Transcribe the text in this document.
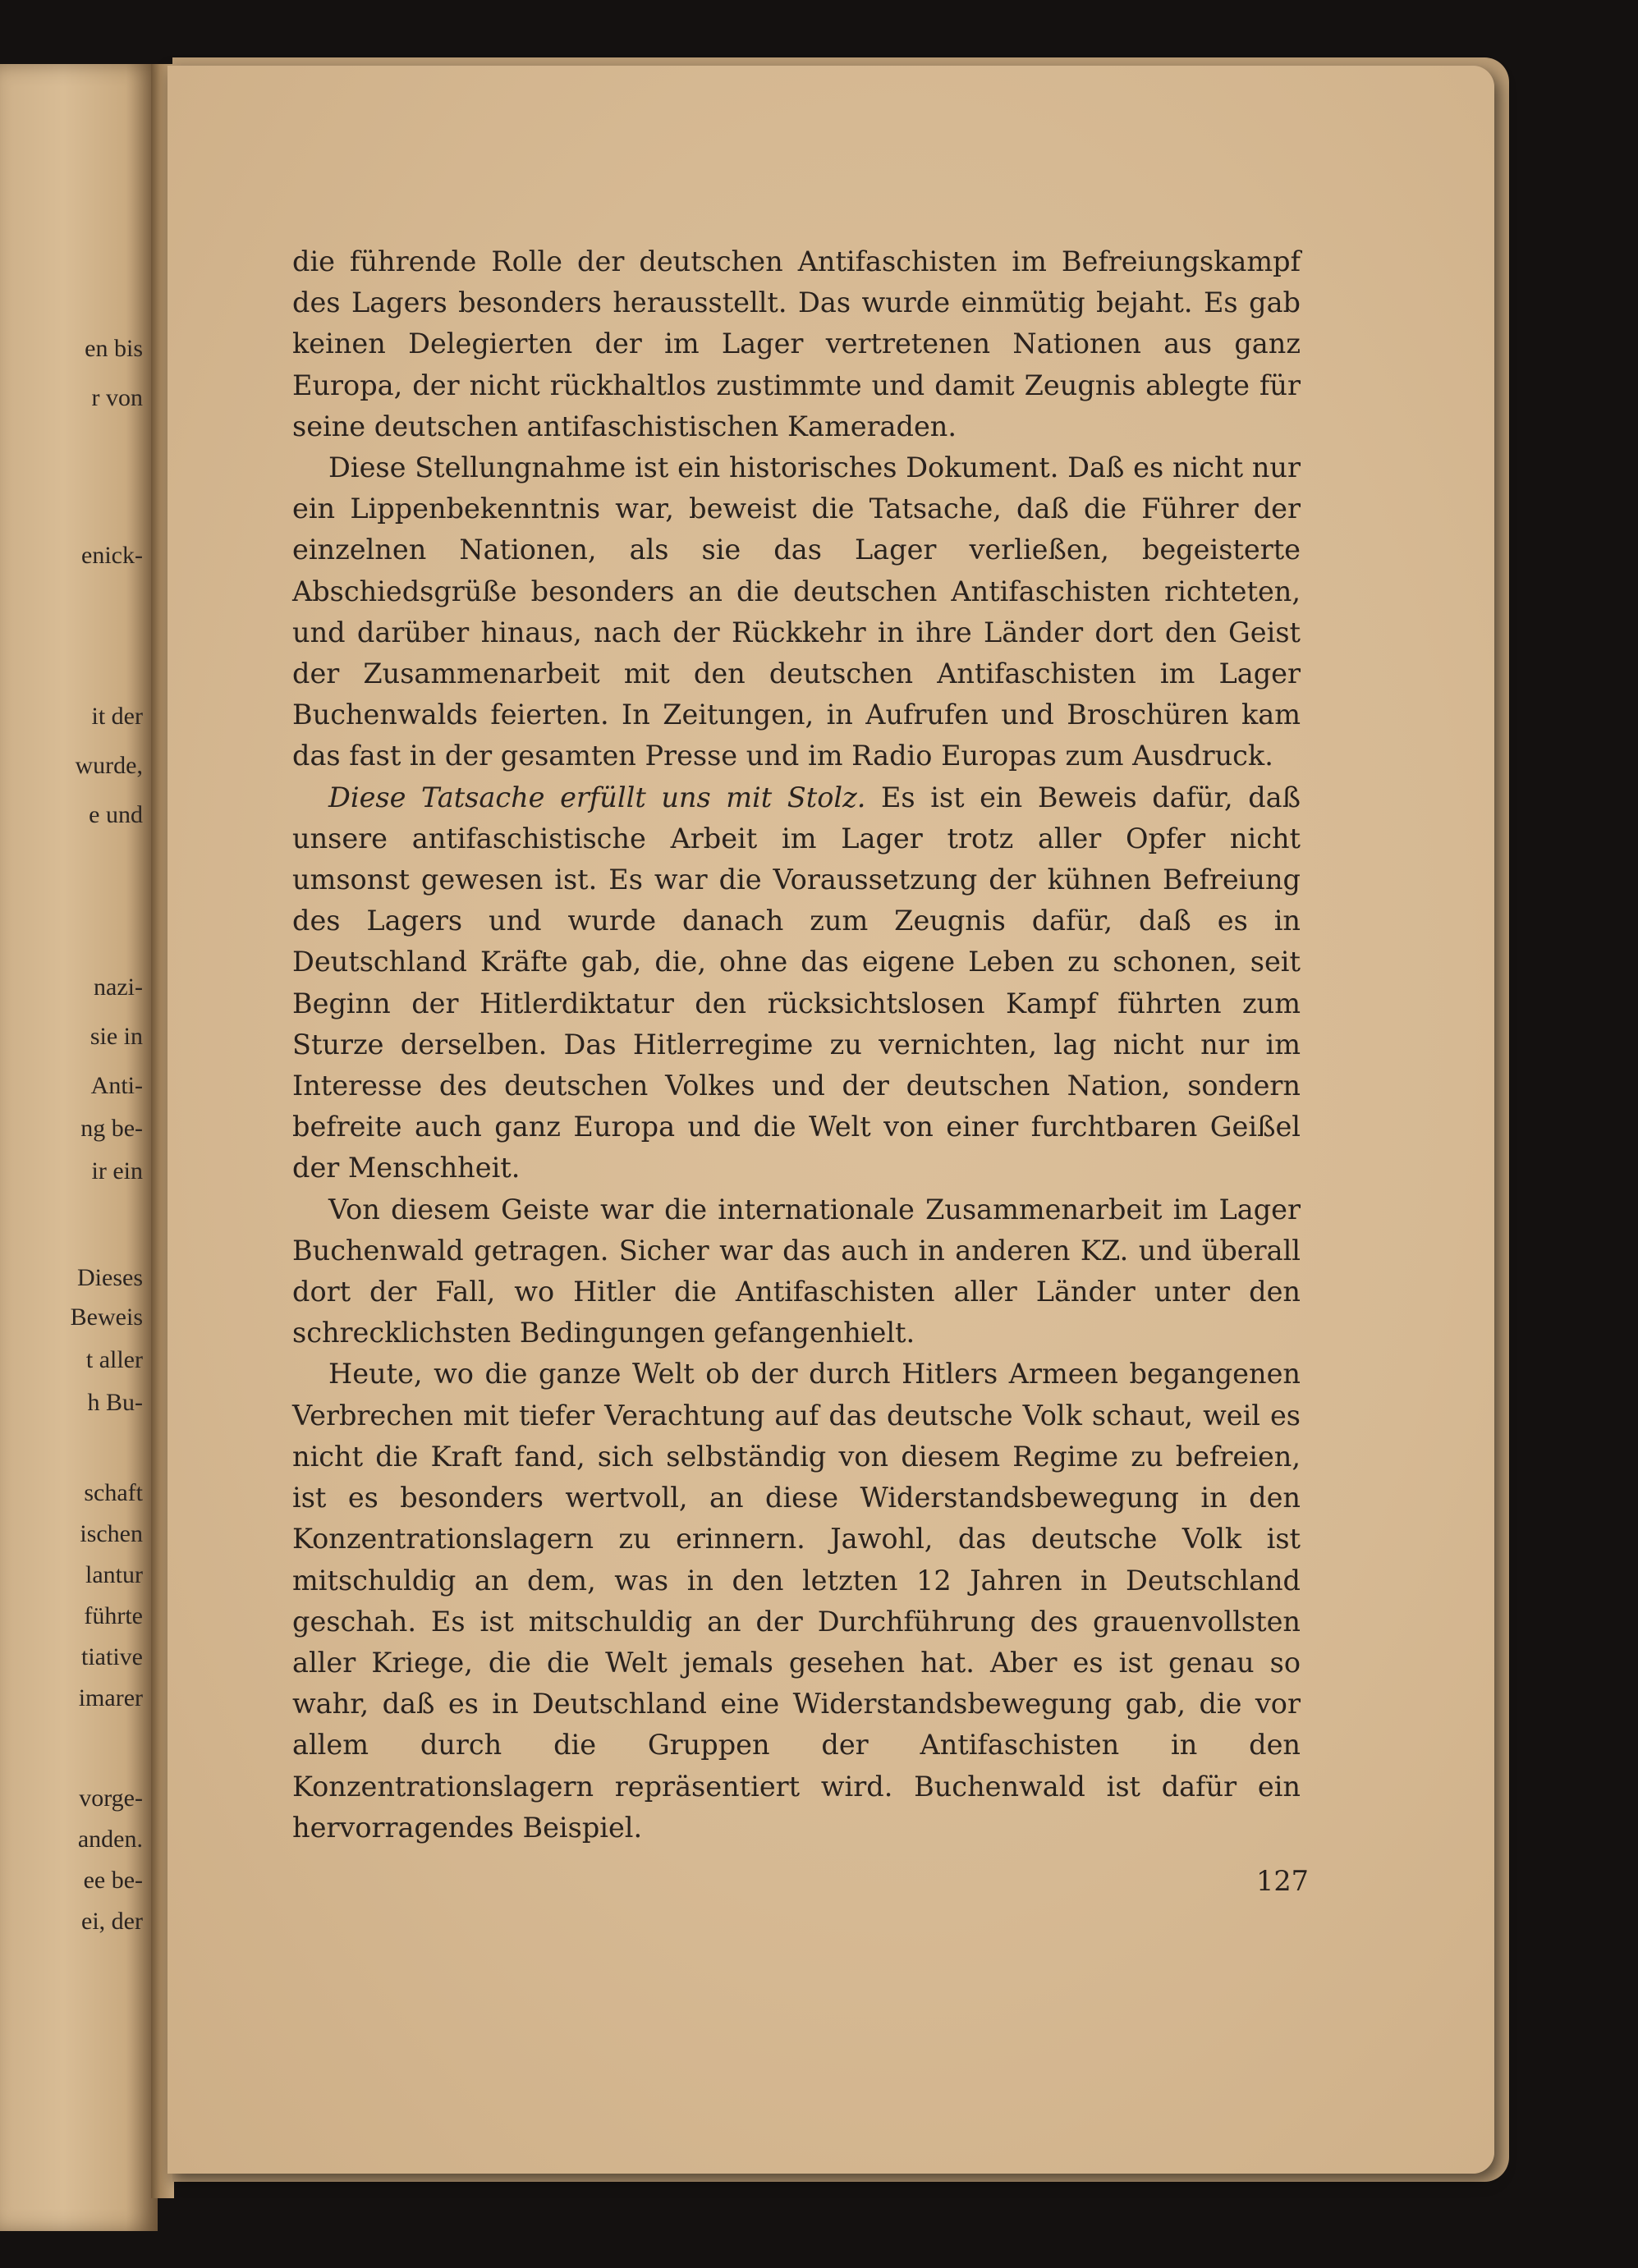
en bis
r von
enick-
it der
wurde,
e und
nazi-
sie in
Anti-
ng be-
ir ein
Dieses
Beweis
t aller
h Bu-
schaft
ischen
lantur
führte
tiative
imarer
vorge-
anden.
ee be-
ei, der

die führende Rolle der deutschen Antifaschisten im Befreiungskampf des Lagers besonders herausstellt. Das wurde einmütig bejaht. Es gab keinen Delegierten der im Lager vertretenen Nationen aus ganz Europa, der nicht rückhaltlos zustimmte und damit Zeugnis ablegte für seine deutschen antifaschistischen Kameraden.

Diese Stellungnahme ist ein historisches Dokument. Daß es nicht nur ein Lippenbekenntnis war, beweist die Tatsache, daß die Führer der einzelnen Nationen, als sie das Lager verließen, begeisterte Abschiedsgrüße besonders an die deutschen Antifaschisten richteten, und darüber hinaus, nach der Rückkehr in ihre Länder dort den Geist der Zusammenarbeit mit den deutschen Antifaschisten im Lager Buchenwalds feierten. In Zeitungen, in Aufrufen und Broschüren kam das fast in der gesamten Presse und im Radio Europas zum Ausdruck.

Diese Tatsache erfüllt uns mit Stolz. Es ist ein Beweis dafür, daß unsere antifaschistische Arbeit im Lager trotz aller Opfer nicht umsonst gewesen ist. Es war die Voraussetzung der kühnen Befreiung des Lagers und wurde danach zum Zeugnis dafür, daß es in Deutschland Kräfte gab, die, ohne das eigene Leben zu schonen, seit Beginn der Hitlerdiktatur den rücksichtslosen Kampf führten zum Sturze derselben. Das Hitlerregime zu vernichten, lag nicht nur im Interesse des deutschen Volkes und der deutschen Nation, sondern befreite auch ganz Europa und die Welt von einer furchtbaren Geißel der Menschheit.

Von diesem Geiste war die internationale Zusammenarbeit im Lager Buchenwald getragen. Sicher war das auch in anderen KZ. und überall dort der Fall, wo Hitler die Antifaschisten aller Länder unter den schrecklichsten Bedingungen gefangenhielt.

Heute, wo die ganze Welt ob der durch Hitlers Armeen begangenen Verbrechen mit tiefer Verachtung auf das deutsche Volk schaut, weil es nicht die Kraft fand, sich selbständig von diesem Regime zu befreien, ist es besonders wertvoll, an diese Widerstandsbewegung in den Konzentrationslagern zu erinnern. Jawohl, das deutsche Volk ist mitschuldig an dem, was in den letzten 12 Jahren in Deutschland geschah. Es ist mitschuldig an der Durchführung des grauenvollsten aller Kriege, die die Welt jemals gesehen hat. Aber es ist genau so wahr, daß es in Deutschland eine Widerstandsbewegung gab, die vor allem durch die Gruppen der Antifaschisten in den Konzentrationslagern repräsentiert wird. Buchenwald ist dafür ein hervorragendes Beispiel.

127
